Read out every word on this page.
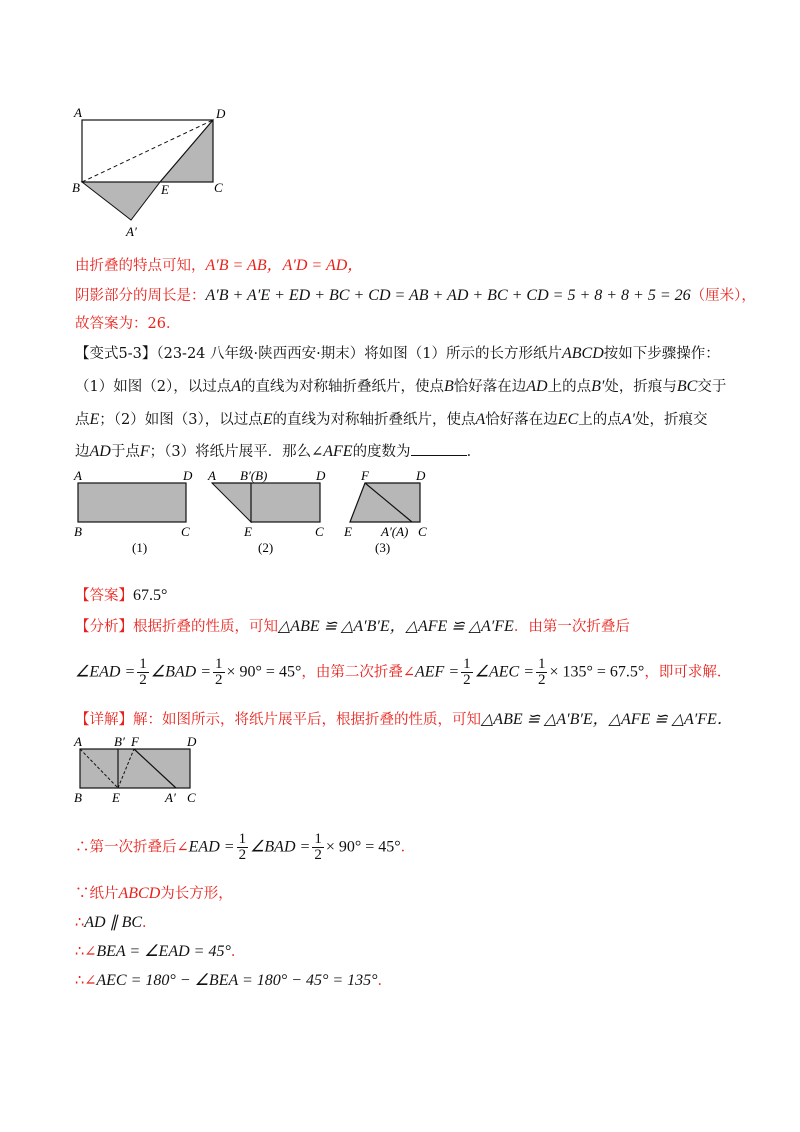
A	D
B	E	C
A′
由折叠的特点可知，A′B = AB，A′D = AD，
阴影部分的周长是：A′B + A′E + ED + BC + CD = AB + AD + BC + CD = 5 + 8 + 8 + 5 = 26（厘米），
故答案为：26．
【变式5-3】（23-24 八年级·陕西西安·期末）将如图（1）所示的长方形纸片ABCD按如下步骤操作：
（1）如图（2），以过点A的直线为对称轴折叠纸片，使点B恰好落在边AD上的点B′处，折痕与BC交于
点E；（2）如图（3），以过点E的直线为对称轴折叠纸片，使点A恰好落在边EC上的点A′处，折痕交
边AD于点F；（3）将纸片展平．那么∠AFE的度数为	．
A	D
B	C
(1)
A B′(B)	D
E	C
(2)
F	D
E A′(A) C
(3)
【答案】67.5°
【分析】根据折叠的性质，可知△ABE ≌ △A′B′E，△AFE ≌ △A′FE．由第一次折叠后
∠EAD = $\frac{1}{2}$ ∠BAD = $\frac{1}{2} \times 90^\circ = 45^\circ$，由第二次折叠∠AEF = $\frac{1}{2}$ ∠AEC = $\frac{1}{2} \times 135^\circ = 67.5^\circ$，即可求解．
【详解】解：如图所示，将纸片展平后，根据折叠的性质，可知△ABE ≌ △A′B′E，△AFE ≌ △A′FE．
A B′ F	D
B E	A′ C
∴第一次折叠后∠EAD = $\frac{1}{2}$ ∠BAD = $\frac{1}{2} \times 90^\circ = 45^\circ$．
∵纸片ABCD为长方形，
∴AD ∥ BC．
∴∠BEA = ∠EAD = 45°．
∴∠AEC = 180° − ∠BEA = 180° − 45° = 135°．
